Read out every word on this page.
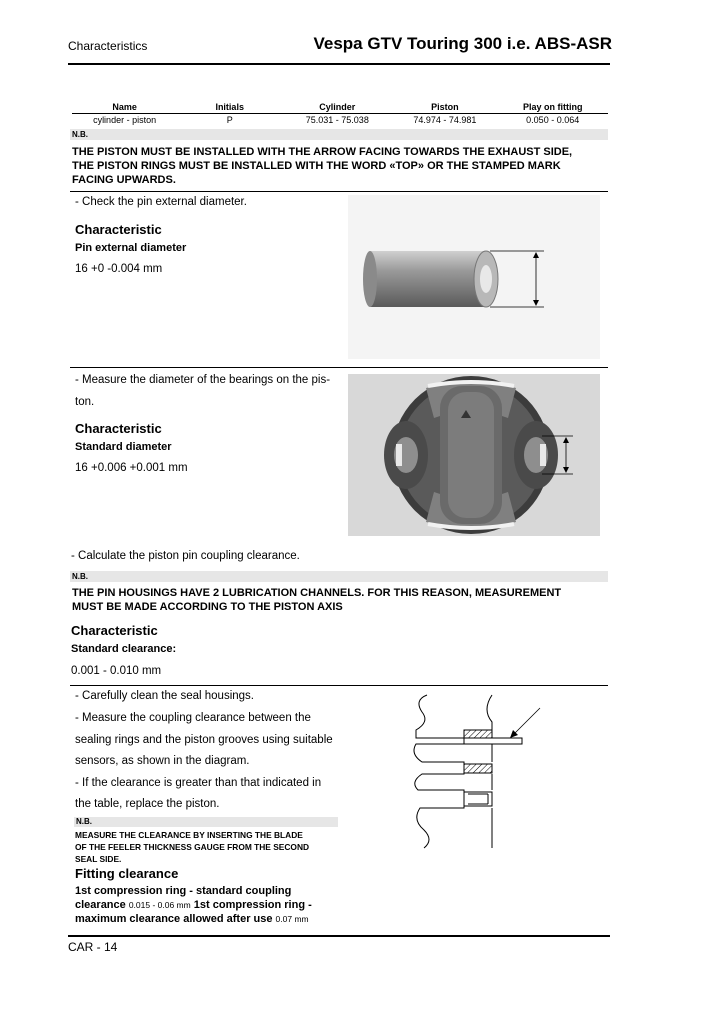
Characteristics	Vespa GTV Touring 300 i.e. ABS-ASR
Name	Initials	Cylinder	Piston	Play on fitting
cylinder - piston	P	75.031 - 75.038	74.974 - 74.981	0.050 - 0.064
N.B.
THE PISTON MUST BE INSTALLED WITH THE ARROW FACING TOWARDS THE EXHAUST SIDE,
THE PISTON RINGS MUST BE INSTALLED WITH THE WORD «TOP» OR THE STAMPED MARK
FACING UPWARDS.
- Check the pin external diameter.
Characteristic
Pin external diameter
16 +0 -0.004 mm
- Measure the diameter of the bearings on the pis-
ton.
Characteristic
Standard diameter
16 +0.006 +0.001 mm
- Calculate the piston pin coupling clearance.
N.B.
THE PIN HOUSINGS HAVE 2 LUBRICATION CHANNELS. FOR THIS REASON, MEASUREMENT
MUST BE MADE ACCORDING TO THE PISTON AXIS
Characteristic
Standard clearance:
0.001 - 0.010 mm
- Carefully clean the seal housings.
- Measure the coupling clearance between the
sealing rings and the piston grooves using suitable
sensors, as shown in the diagram.
- If the clearance is greater than that indicated in
the table, replace the piston.
N.B.
MEASURE THE CLEARANCE BY INSERTING THE BLADE
OF THE FEELER THICKNESS GAUGE FROM THE SECOND
SEAL SIDE.
Fitting clearance
1st compression ring - standard coupling clearance 0.015 - 0.06 mm 1st compression ring - maximum clearance allowed after use 0.07 mm
CAR - 14
